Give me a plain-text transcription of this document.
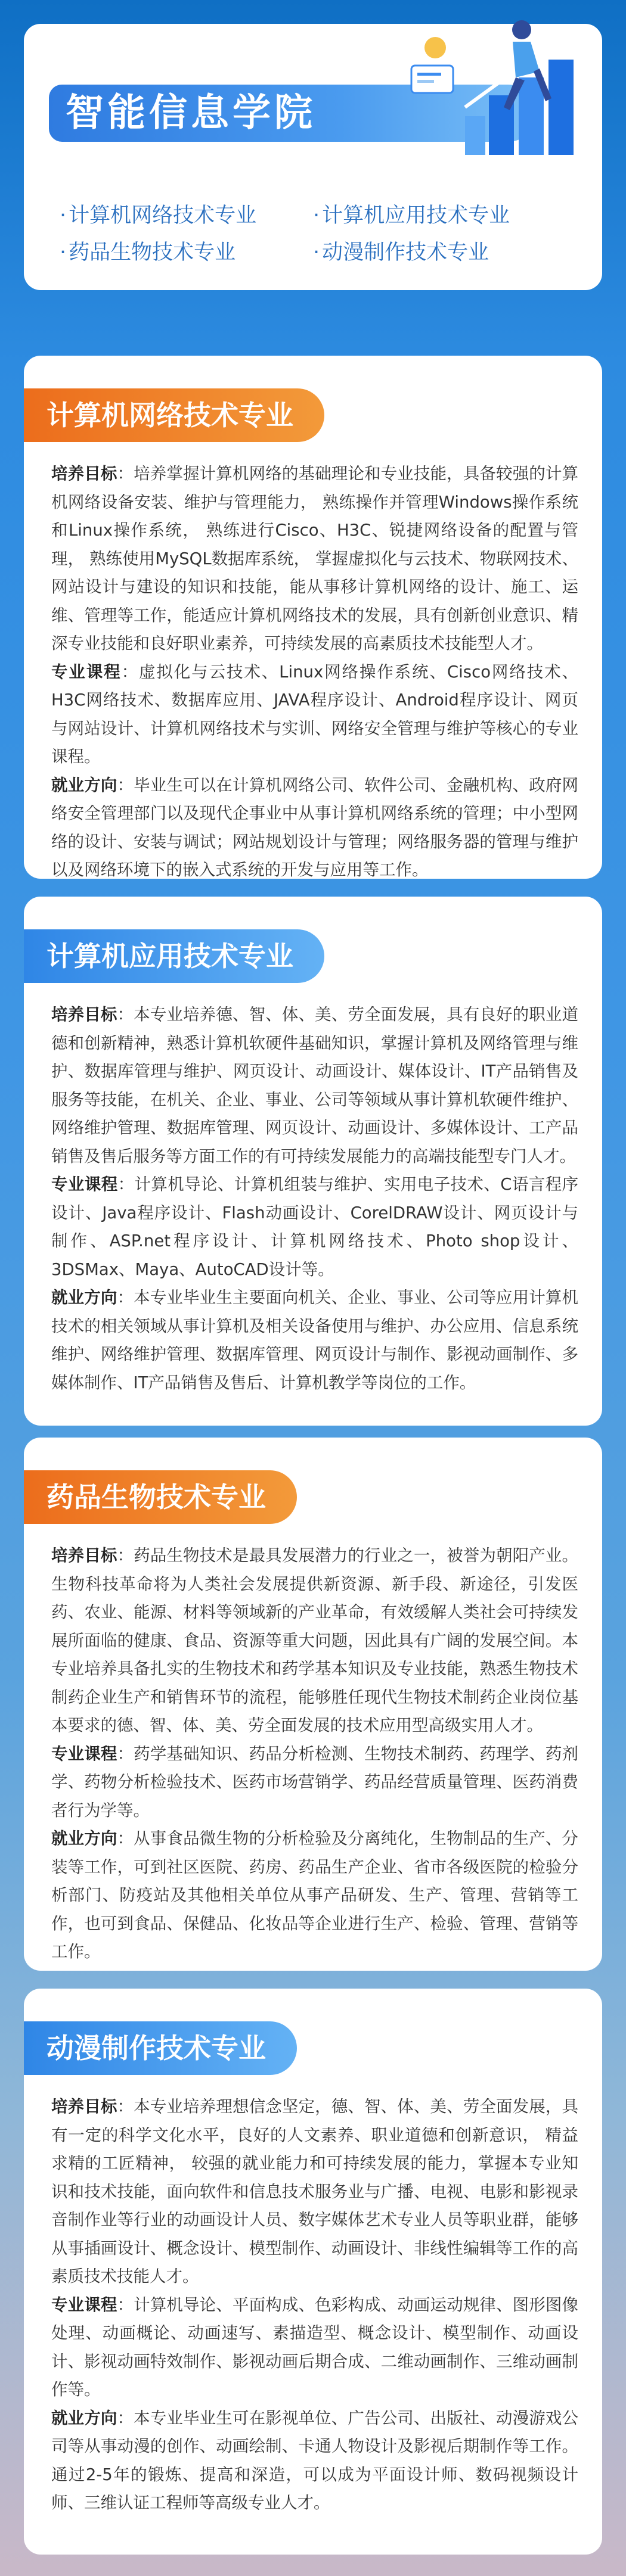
智能信息学院
· 计算机网络技术专业	· 计算机应用技术专业
· 药品生物技术专业	· 动漫制作技术专业
计算机网络技术专业

培养目标：培养掌握计算机网络的基础理论和专业技能，具备较强的计算机网络设备安装、维护与管理能力， 熟练操作并管理Windows操作系统和Linux操作系统， 熟练进行Cisco、H3C、锐捷网络设备的配置与管理， 熟练使用MySQL数据库系统， 掌握虚拟化与云技术、物联网技术、网站设计与建设的知识和技能，能从事移计算机网络的设计、施工、运维、管理等工作，能适应计算机网络技术的发展，具有创新创业意识、精深专业技能和良好职业素养，可持续发展的高素质技术技能型人才。

专业课程：虚拟化与云技术、Linux网络操作系统、Cisco网络技术、H3C网络技术、数据库应用、JAVA程序设计、Android程序设计、网页与网站设计、计算机网络技术与实训、网络安全管理与维护等核心的专业课程。

就业方向：毕业生可以在计算机网络公司、软件公司、金融机构、政府网络安全管理部门以及现代企事业中从事计算机网络系统的管理；中小型网络的设计、安装与调试；网站规划设计与管理；网络服务器的管理与维护以及网络环境下的嵌入式系统的开发与应用等工作。

计算机应用技术专业

培养目标：本专业培养德、智、体、美、劳全面发展，具有良好的职业道德和创新精神，熟悉计算机软硬件基础知识，掌握计算机及网络管理与维护、数据库管理与维护、网页设计、动画设计、媒体设计、IT产品销售及服务等技能，在机关、企业、事业、公司等领域从事计算机软硬件维护、网络维护管理、数据库管理、网页设计、动画设计、多媒体设计、工产品销售及售后服务等方面工作的有可持续发展能力的高端技能型专门人才。

专业课程：计算机导论、计算机组装与维护、实用电子技术、C语言程序设计、Java程序设计、Flash动画设计、CorelDRAW设计、网页设计与制作、ASP.net程序设计、计算机网络技术、Photo shop设计、3DSMax、Maya、AutoCAD设计等。

就业方向：本专业毕业生主要面向机关、企业、事业、公司等应用计算机技术的相关领域从事计算机及相关设备使用与维护、办公应用、信息系统维护、网络维护管理、数据库管理、网页设计与制作、影视动画制作、多媒体制作、IT产品销售及售后、计算机教学等岗位的工作。

药品生物技术专业

培养目标：药品生物技术是最具发展潜力的行业之一，被誉为朝阳产业。生物科技革命将为人类社会发展提供新资源、新手段、新途径，引发医药、农业、能源、材料等领域新的产业革命，有效缓解人类社会可持续发展所面临的健康、食品、资源等重大问题，因此具有广阔的发展空间。本专业培养具备扎实的生物技术和药学基本知识及专业技能，熟悉生物技术制药企业生产和销售环节的流程，能够胜任现代生物技术制药企业岗位基本要求的德、智、体、美、劳全面发展的技术应用型高级实用人才。

专业课程：药学基础知识、药品分析检测、生物技术制药、药理学、药剂学、药物分析检验技术、医药市场营销学、药品经营质量管理、医药消费者行为学等。

就业方向：从事食品微生物的分析检验及分离纯化，生物制品的生产、分装等工作，可到社区医院、药房、药品生产企业、省市各级医院的检验分析部门、防疫站及其他相关单位从事产品研发、生产、管理、营销等工作，也可到食品、保健品、化妆品等企业进行生产、检验、管理、营销等工作。

动漫制作技术专业

培养目标：本专业培养理想信念坚定，德、智、体、美、劳全面发展，具有一定的科学文化水平，良好的人文素养、职业道德和创新意识， 精益求精的工匠精神， 较强的就业能力和可持续发展的能力，掌握本专业知识和技术技能，面向软件和信息技术服务业与广播、电视、电影和影视录音制作业等行业的动画设计人员、数字媒体艺术专业人员等职业群，能够从事插画设计、概念设计、模型制作、动画设计、非线性编辑等工作的高素质技术技能人才。

专业课程：计算机导论、平面构成、色彩构成、动画运动规律、图形图像处理、动画概论、动画速写、素描造型、概念设计、模型制作、动画设计、影视动画特效制作、影视动画后期合成、二维动画制作、三维动画制作等。

就业方向：本专业毕业生可在影视单位、广告公司、出版社、动漫游戏公司等从事动漫的创作、动画绘制、卡通人物设计及影视后期制作等工作。通过2-5年的锻炼、提高和深造，可以成为平面设计师、数码视频设计师、三维认证工程师等高级专业人才。
